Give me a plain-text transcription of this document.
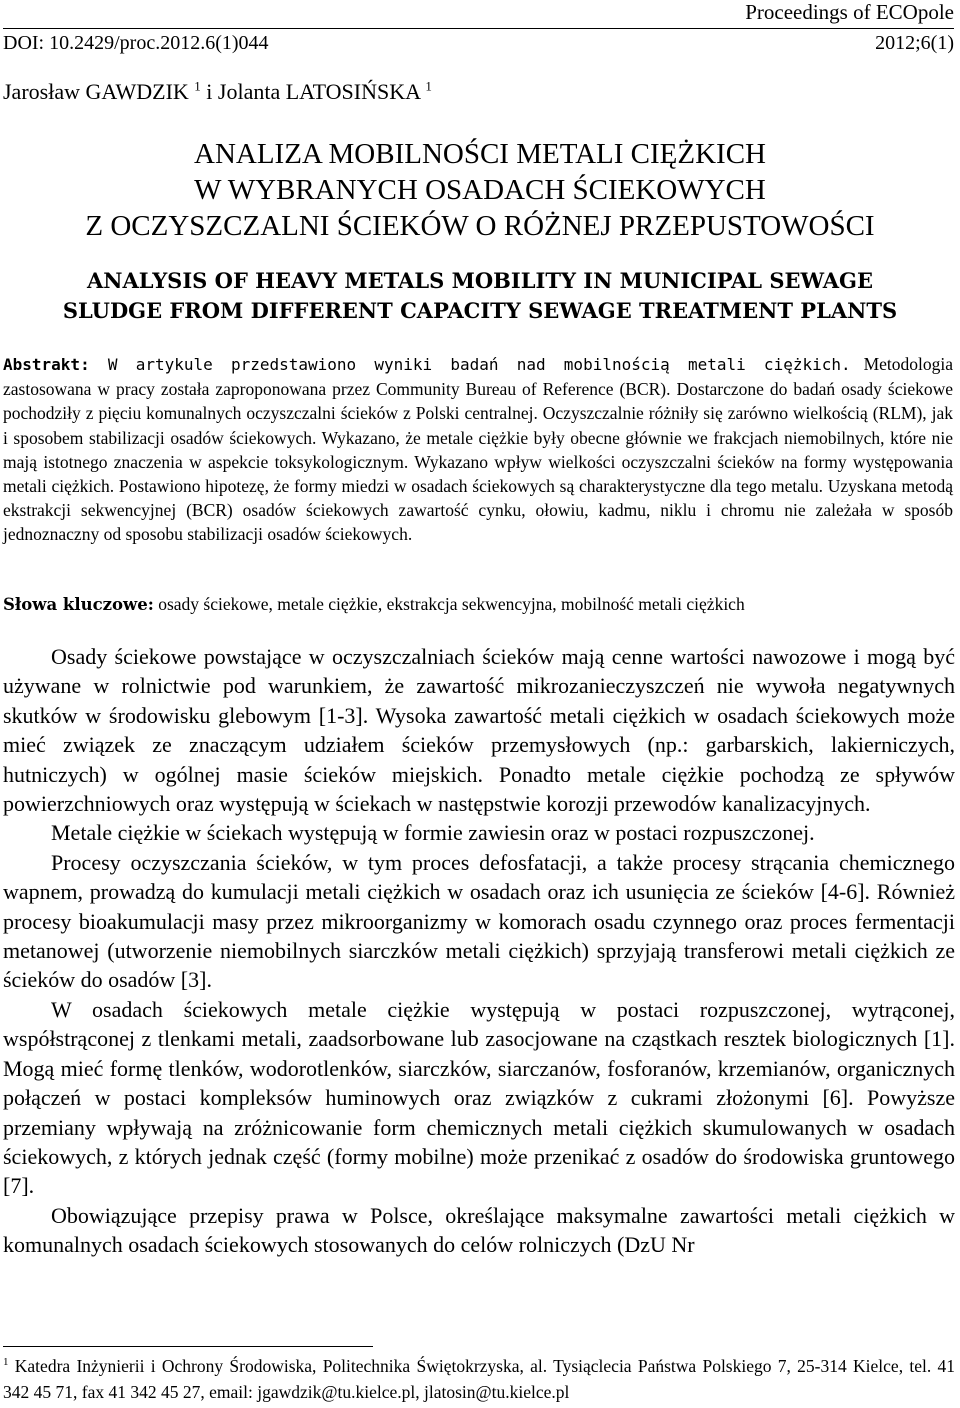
Proceedings of ECOpole
DOI: 10.2429/proc.2012.6(1)044	2012;6(1)
Jarosław GAWDZIK $^1$ i Jolanta LATOSIŃSKA $^1$
ANALIZA MOBILNOŚCI METALI CIĘŻKICH
W WYBRANYCH OSADACH ŚCIEKOWYCH
Z OCZYSZCZALNI ŚCIEKÓW O RÓŻNEJ PRZEPUSTOWOŚCI
ANALYSIS OF HEAVY METALS MOBILITY IN MUNICIPAL SEWAGE
SLUDGE FROM DIFFERENT CAPACITY SEWAGE TREATMENT PLANTS
Abstrakt: W artykule przedstawiono wyniki badań nad mobilnością metali ciężkich. Metodologia zastosowana w pracy została zaproponowana przez Community Bureau of Reference (BCR). Dostarczone do badań osady ściekowe pochodziły z pięciu komunalnych oczyszczalni ścieków z Polski centralnej. Oczyszczalnie różniły się zarówno wielkością (RLM), jak i sposobem stabilizacji osadów ściekowych. Wykazano, że metale ciężkie były obecne głównie we frakcjach niemobilnych, które nie mają istotnego znaczenia w aspekcie toksykologicznym. Wykazano wpływ wielkości oczyszczalni ścieków na formy występowania metali ciężkich. Postawiono hipotezę, że formy miedzi w osadach ściekowych są charakterystyczne dla tego metalu. Uzyskana metodą ekstrakcji sekwencyjnej (BCR) osadów ściekowych zawartość cynku, ołowiu, kadmu, niklu i chromu nie zależała w sposób jednoznaczny od sposobu stabilizacji osadów ściekowych.
Słowa kluczowe: osady ściekowe, metale ciężkie, ekstrakcja sekwencyjna, mobilność metali ciężkich

Osady ściekowe powstające w oczyszczalniach ścieków mają cenne wartości nawozowe i mogą być używane w rolnictwie pod warunkiem, że zawartość mikrozanieczyszczeń nie wywoła negatywnych skutków w środowisku glebowym [1-3]. Wysoka zawartość metali ciężkich w osadach ściekowych może mieć związek ze znaczącym udziałem ścieków przemysłowych (np.: garbarskich, lakierniczych, hutniczych) w ogólnej masie ścieków miejskich. Ponadto metale ciężkie pochodzą ze spływów powierzchniowych oraz występują w ściekach w następstwie korozji przewodów kanalizacyjnych.

Metale ciężkie w ściekach występują w formie zawiesin oraz w postaci rozpuszczonej.

Procesy oczyszczania ścieków, w tym proces defosfatacji, a także procesy strącania chemicznego wapnem, prowadzą do kumulacji metali ciężkich w osadach oraz ich usunięcia ze ścieków [4-6]. Również procesy bioakumulacji masy przez mikroorganizmy w komorach osadu czynnego oraz proces fermentacji metanowej (utworzenie niemobilnych siarczków metali ciężkich) sprzyjają transferowi metali ciężkich ze ścieków do osadów [3].

W osadach ściekowych metale ciężkie występują w postaci rozpuszczonej, wytrąconej, współstrąconej z tlenkami metali, zaadsorbowane lub zasocjowane na cząstkach resztek biologicznych [1]. Mogą mieć formę tlenków, wodorotlenków, siarczków, siarczanów, fosforanów, krzemianów, organicznych połączeń w postaci kompleksów huminowych oraz związków z cukrami złożonymi [6]. Powyższe przemiany wpływają na zróżnicowanie form chemicznych metali ciężkich skumulowanych w osadach ściekowych, z których jednak część (formy mobilne) może przenikać z osadów do środowiska gruntowego [7].

Obowiązujące przepisy prawa w Polsce, określające maksymalne zawartości metali ciężkich w komunalnych osadach ściekowych stosowanych do celów rolniczych (DzU Nr

$^1$ Katedra Inżynierii i Ochrony Środowiska, Politechnika Świętokrzyska, al. Tysiąclecia Państwa Polskiego 7, 25-314 Kielce, tel. 41 342 45 71, fax 41 342 45 27, email: jgawdzik@tu.kielce.pl, jlatosin@tu.kielce.pl
